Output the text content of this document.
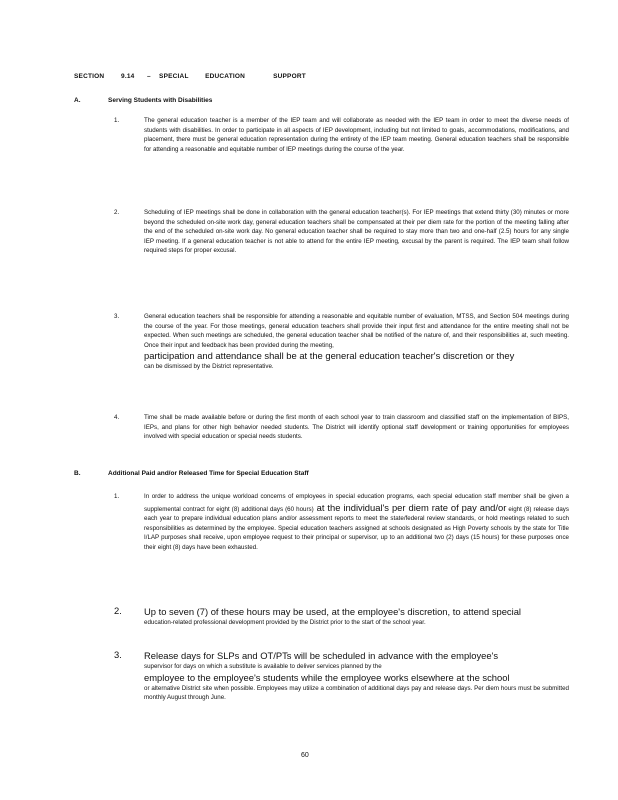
SECTION	9.14 – SPECIAL	EDUCATION	SUPPORT
A.	Serving Students with Disabilities
1.	The general education teacher is a member of the IEP team and will collaborate as needed with the IEP team in order to meet the diverse needs of students with disabilities. In order to participate in all aspects of IEP development, including but not limited to goals, accommodations, modifications, and placement, there must be general education representation during the entirety of the IEP team meeting. General education teachers shall be responsible for attending a reasonable and equitable number of IEP meetings during the course of the year.

2.	Scheduling of IEP meetings shall be done in collaboration with the general education teacher(s). For IEP meetings that extend thirty (30) minutes or more beyond the scheduled on-site work day, general education teachers shall be compensated at their per diem rate for the portion of the meeting falling after the end of the scheduled on-site work day. No general education teacher shall be required to stay more than two and one-half (2.5) hours for any single IEP meeting. If a general education teacher is not able to attend for the entire IEP meeting, excusal by the parent is required. The IEP team shall follow required steps for proper excusal.

3.	General education teachers shall be responsible for attending a reasonable and equitable number of evaluation, MTSS, and Section 504 meetings during the course of the year. For those meetings, general education teachers shall provide their input first and attendance for the entire meeting shall not be expected. When such meetings are scheduled, the general education teacher shall be notified of the nature of, and their responsibilities at, such meeting. Once their input and feedback has been provided during the meeting,

participation and attendance shall be at the general education teacher's discretion or they

can be dismissed by the District representative.

4.	Time shall be made available before or during the first month of each school year to train classroom and classified staff on the implementation of BIPS, IEPs, and plans for other high behavior needed students. The District will identify optional staff development or training opportunities for employees involved with special education or special needs students.

B.	Additional Paid and/or Released Time for Special Education Staff
1.	In order to address the unique workload concerns of employees in special education programs, each special education staff member shall be given a supplemental contract for eight (8) additional days (60 hours) at the individual's per diem rate of pay and/or eight (8) release days each year to prepare individual education plans and/or assessment reports to meet the state/federal review standards, or hold meetings related to such responsibilities as determined by the employee. Special education teachers assigned at schools designated as High Poverty schools by the state for Title I/LAP purposes shall receive, upon employee request to their principal or supervisor, up to an additional two (2) days (15 hours) for these purposes once their eight (8) days have been exhausted.

2. Up to seven (7) of these hours may be used, at the employee's discretion, to attend special

education-related professional development provided by the District prior to the start of the school year.

3. Release days for SLPs and OT/PTs will be scheduled in advance with the employee's

supervisor for days on which a substitute is available to deliver services planned by the

employee to the employee's students while the employee works elsewhere at the school

or alternative District site when possible. Employees may utilize a combination of additional days pay and release days. Per diem hours must be submitted monthly August through June.

60
